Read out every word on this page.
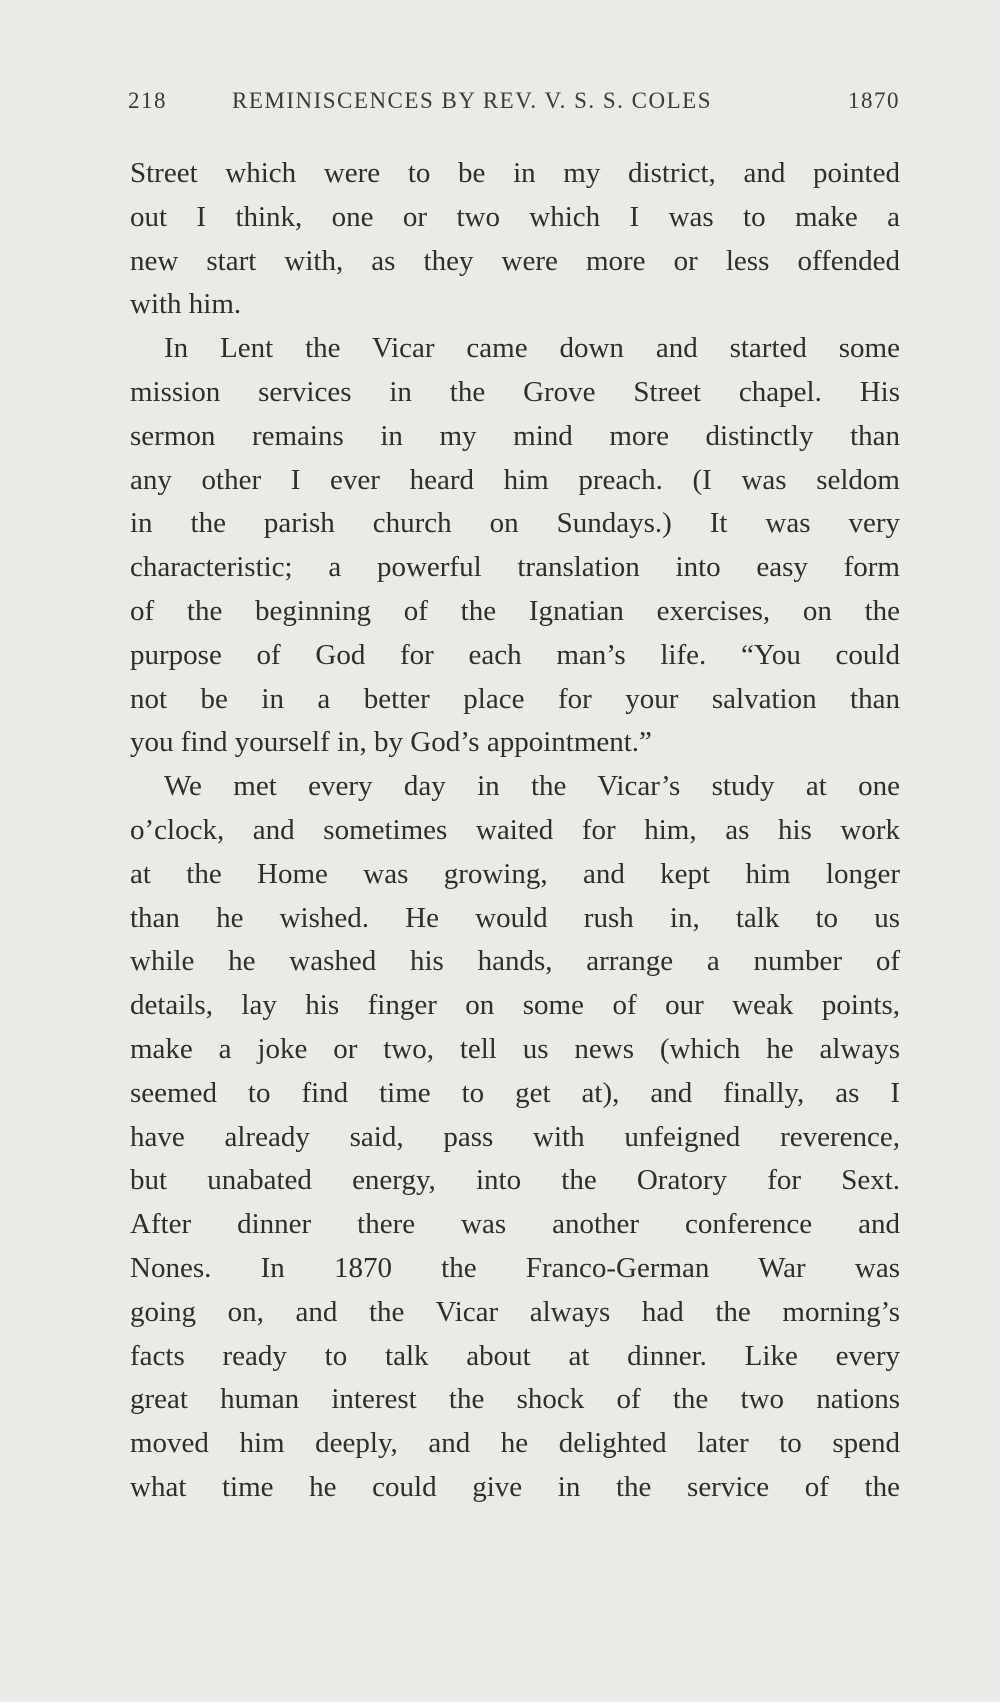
218	REMINISCENCES BY REV. V. S. S. COLES	1870
Street which were to be in my district, and pointed
out I think, one or two which I was to make a
new start with, as they were more or less offended
with him.
In Lent the Vicar came down and started some
mission services in the Grove Street chapel. His
sermon remains in my mind more distinctly than
any other I ever heard him preach. (I was seldom
in the parish church on Sundays.) It was very
characteristic; a powerful translation into easy form
of the beginning of the Ignatian exercises, on the
purpose of God for each man’s life. “You could
not be in a better place for your salvation than
you find yourself in, by God’s appointment.”
We met every day in the Vicar’s study at one
o’clock, and sometimes waited for him, as his work
at the Home was growing, and kept him longer
than he wished. He would rush in, talk to us
while he washed his hands, arrange a number of
details, lay his finger on some of our weak points,
make a joke or two, tell us news (which he always
seemed to find time to get at), and finally, as I
have already said, pass with unfeigned reverence,
but unabated energy, into the Oratory for Sext.
After dinner there was another conference and
Nones. In 1870 the Franco-German War was
going on, and the Vicar always had the morning’s
facts ready to talk about at dinner. Like every
great human interest the shock of the two nations
moved him deeply, and he delighted later to spend
what time he could give in the service of the
